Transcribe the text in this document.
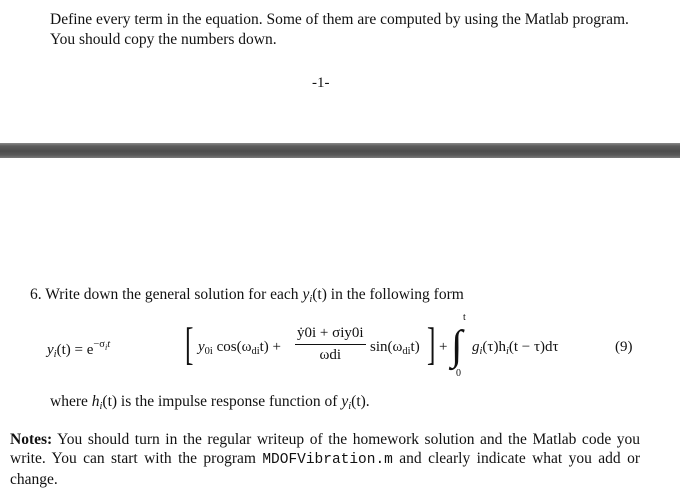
Define every term in the equation. Some of them are computed by using the Matlab program.
You should copy the numbers down.

-1-

6. Write down the general solution for each $y_i(t)$ in the following form

$y_i(t) = e^{-\sigma_it}$ [ $y_{0i}$ $\cos(\omega_{di}t)$ +
ẏ0i + σiy0i
ωdi	$\sin(\omega_{di}t)$ ] +
t
∫
0
$g_i(\tau)h_i(t - \tau)d\tau$	(9)

where $h_i(t)$ is the impulse response function of $y_i(t)$.

Notes: You should turn in the regular writeup of the homework solution and the Matlab code you write. You can start with the program MDOFVibration.m and clearly indicate what you add or change.
